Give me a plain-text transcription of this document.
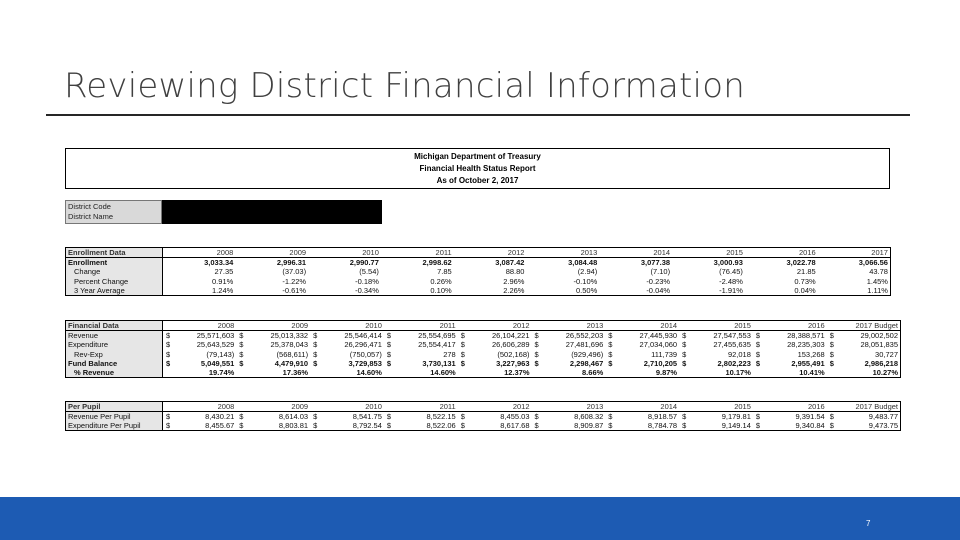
Reviewing District Financial Information
Michigan Department of Treasury
Financial Health Status Report
As of October 2, 2017
District Code
District Name
Enrollment Data	2008	2009	2010	2011	2012	2013	2014	2015	2016	2017
Enrollment	3,033.34	2,996.31	2,990.77	2,998.62	3,087.42	3,084.48	3,077.38	3,000.93	3,022.78	3,066.56
Change	27.35	(37.03)	(5.54)	7.85	88.80	(2.94)	(7.10)	(76.45)	21.85	43.78
Percent Change	0.91%	-1.22%	-0.18%	0.26%	2.96%	-0.10%	-0.23%	-2.48%	0.73%	1.45%
3 Year Average	1.24%	-0.61%	-0.34%	0.10%	2.26%	0.50%	-0.04%	-1.91%	0.04%	1.11%
Financial Data	2008		2009		2010		2011		2012		2013		2014		2015		2016		2017 Budget	
Revenue	$	25,571,603	$	25,013,332	$	25,546,414	$	25,554,695	$	26,104,221	$	26,552,203	$	27,445,930	$	27,547,553	$	28,388,571	$	29,002,502
Expenditure	$	25,643,529	$	25,378,043	$	26,296,471	$	25,554,417	$	26,606,289	$	27,481,696	$	27,034,060	$	27,455,635	$	28,235,303	$	28,051,835
Rev-Exp	$	(79,143)	$	(568,611)	$	(750,057)	$	278	$	(502,168)	$	(929,496)	$	111,739	$	92,018	$	153,268	$	30,727
Fund Balance	$	5,049,551	$	4,479,910	$	3,729,853	$	3,730,131	$	3,227,963	$	2,298,467	$	2,710,205	$	2,802,223	$	2,955,491	$	2,986,218
% Revenue		19.74%		17.36%		14.60%		14.60%		12.37%		8.66%		9.87%		10.17%		10.41%		10.27%
Per Pupil	2008		2009		2010		2011		2012		2013		2014		2015		2016		2017 Budget	
Revenue Per Pupil	$	8,430.21	$	8,614.03	$	8,541.75	$	8,522.15	$	8,455.03	$	8,608.32	$	8,918.57	$	9,179.81	$	9,391.54	$	9,483.77
Expenditure Per Pupil	$	8,455.67	$	8,803.81	$	8,792.54	$	8,522.06	$	8,617.68	$	8,909.87	$	8,784.78	$	9,149.14	$	9,340.84	$	9,473.75
7
